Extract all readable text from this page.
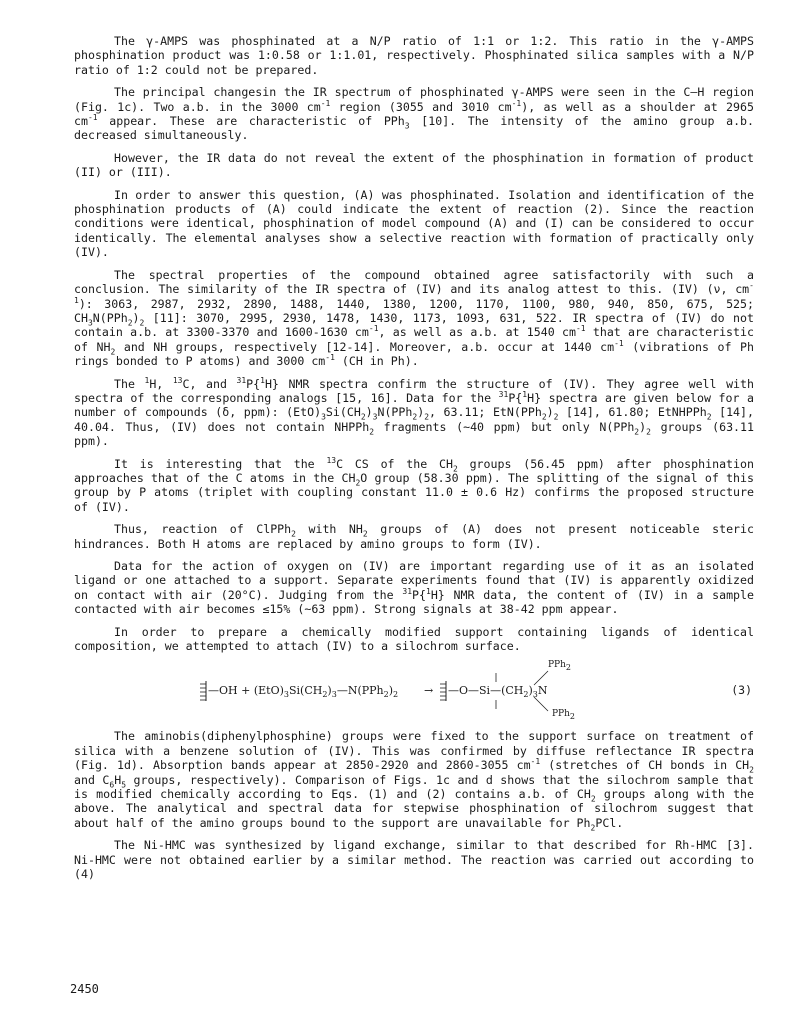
The γ-AMPS was phosphinated at a N/P ratio of 1:1 or 1:2. This ratio in the γ-AMPS phosphination product was 1:0.58 or 1:1.01, respectively. Phosphinated silica samples with a N/P ratio of 1:2 could not be prepared.

The principal changesin the IR spectrum of phosphinated γ-AMPS were seen in the C–H region (Fig. 1c). Two a.b. in the 3000 $cm^{-1}$ region (3055 and 3010 $cm^{-1}$), as well as a shoulder at 2965 $cm^{-1}$ appear. These are characteristic of PPh$_3$ [10]. The intensity of the amino group a.b. decreased simultaneously.

However, the IR data do not reveal the extent of the phosphination in formation of product (II) or (III).

In order to answer this question, (A) was phosphinated. Isolation and identification of the phosphination products of (A) could indicate the extent of reaction (2). Since the reaction conditions were identical, phosphination of model compound (A) and (I) can be considered to occur identically. The elemental analyses show a selective reaction with formation of practically only (IV).

The spectral properties of the compound obtained agree satisfactorily with such a conclusion. The similarity of the IR spectra of (IV) and its analog attest to this. (IV) (ν, $cm^{-1}$): 3063, 2987, 2932, 2890, 1488, 1440, 1380, 1200, 1170, 1100, 980, 940, 850, 675, 525; $CH_3N(PPh_2)_2$ [11]: 3070, 2995, 2930, 1478, 1430, 1173, 1093, 631, 522. IR spectra of (IV) do not contain a.b. at 3300-3370 and 1600-1630 $cm^{-1}$, as well as a.b. at 1540 $cm^{-1}$ that are characteristic of $NH_2$ and NH groups, respectively [12-14]. Moreover, a.b. occur at 1440 $cm^{-1}$ (vibrations of Ph rings bonded to P atoms) and 3000 $cm^{-1}$ (CH in Ph).

The $^1$H, $^{13}$C, and $^{31}$P{$^1$H} NMR spectra confirm the structure of (IV). They agree well with spectra of the corresponding analogs [15, 16]. Data for the $^{31}$P{$^1$H} spectra are given below for a number of compounds (δ, ppm): $(EtO)_3Si(CH_2)_3N(PPh_2)_2$, 63.11; $EtN(PPh_2)_2$ [14], 61.80; EtNHPPh$_2$ [14], 40.04. Thus, (IV) does not contain NHPPh$_2$ fragments (~40 ppm) but only $N(PPh_2)_2$ groups (63.11 ppm).

It is interesting that the $^{13}$C CS of the $CH_2$ groups (56.45 ppm) after phosphination approaches that of the C atoms in the $CH_2O$ group (58.30 ppm). The splitting of the signal of this group by P atoms (triplet with coupling constant 11.0 ± 0.6 Hz) confirms the proposed structure of (IV).

Thus, reaction of ClPPh$_2$ with $NH_2$ groups of (A) does not present noticeable steric hindrances. Both H atoms are replaced by amino groups to form (IV).

Data for the action of oxygen on (IV) are important regarding use of it as an isolated ligand or one attached to a support. Separate experiments found that (IV) is apparently oxidized on contact with air (20°C). Judging from the $^{31}$P{$^1$H} NMR data, the content of (IV) in a sample contacted with air becomes ≤15% (~63 ppm). Strong signals at 38-42 ppm appear.

In order to prepare a chemically modified support containing ligands of identical composition, we attempted to attach (IV) to a silochrom surface.

—OH + $(EtO)_3Si(CH_2)_3—N(PPh_2)_2$ → $—O—Si—(CH_2)_3N$
PPh$_2$
PPh$_2$
(3)

The aminobis(diphenylphosphine) groups were fixed to the support surface on treatment of silica with a benzene solution of (IV). This was confirmed by diffuse reflectance IR spectra (Fig. 1d). Absorption bands appear at 2850-2920 and 2860-3055 $cm^{-1}$ (stretches of CH bonds in $CH_2$ and $C_6H_5$ groups, respectively). Comparison of Figs. 1c and d shows that the silochrom sample that is modified chemically according to Eqs. (1) and (2) contains a.b. of $CH_2$ groups along with the above. The analytical and spectral data for stepwise phosphination of silochrom suggest that about half of the amino groups bound to the support are unavailable for $Ph_2PCl$.

The Ni-HMC was synthesized by ligand exchange, similar to that described for Rh-HMC [3]. Ni-HMC were not obtained earlier by a similar method. The reaction was carried out according to (4)

2450
